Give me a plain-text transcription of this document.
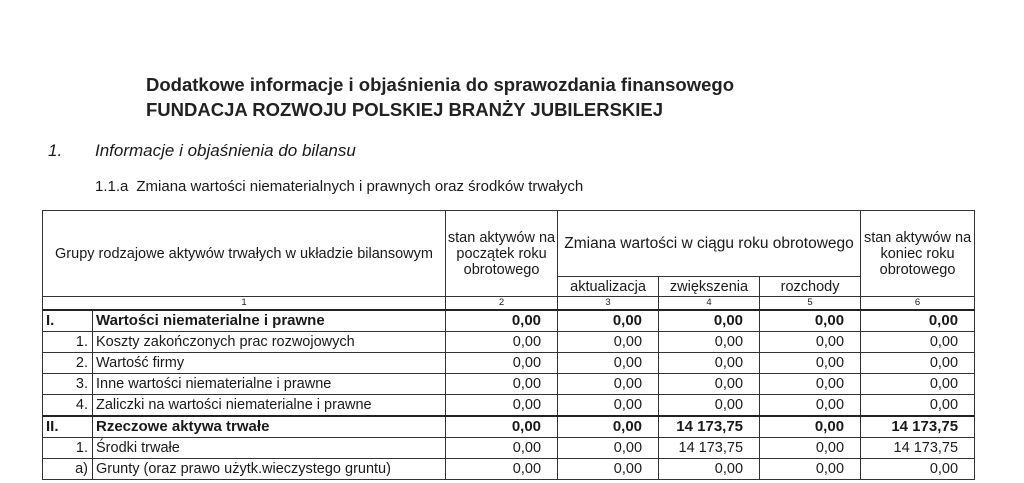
Dodatkowe informacje i objaśnienia do sprawozdania finansowego
FUNDACJA ROZWOJU POLSKIEJ BRANŻY JUBILERSKIEJ
1. Informacje i objaśnienia do bilansu
1.1.a Zmiana wartości niematerialnych i prawnych oraz środków trwałych
Grupy rodzajowe aktywów trwałych w układzie bilansowym		stan aktywów na początek roku obrotowego	Zmiana wartości w ciągu roku obrotowego			stan aktywów na koniec roku obrotowego
			aktualizacja	zwiększenia	rozchody	
1		2	3	4	5	6
I.	Wartości niematerialne i prawne	0,00	0,00	0,00	0,00	0,00
1.	Koszty zakończonych prac rozwojowych	0,00	0,00	0,00	0,00	0,00
2.	Wartość firmy	0,00	0,00	0,00	0,00	0,00
3.	Inne wartości niematerialne i prawne	0,00	0,00	0,00	0,00	0,00
4.	Zaliczki na wartości niematerialne i prawne	0,00	0,00	0,00	0,00	0,00
II.	Rzeczowe aktywa trwałe	0,00	0,00	14 173,75	0,00	14 173,75
1.	Środki trwałe	0,00	0,00	14 173,75	0,00	14 173,75
a)	Grunty (oraz prawo użytk.wieczystego gruntu)	0,00	0,00	0,00	0,00	0,00
